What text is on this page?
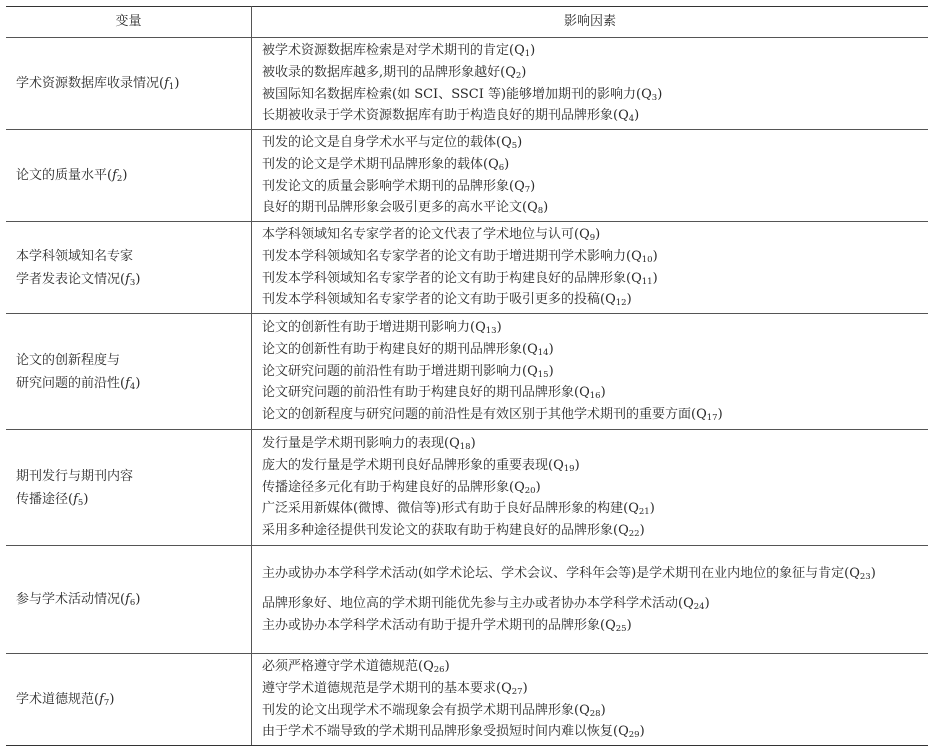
变量	影响因素

学术资源数据库收录情况$(f_1)$	被学术资源数据库检索是对学术期刊的肯定$(Q_1)$
被收录的数据库越多,期刊的品牌形象越好$(Q_2)$
被国际知名数据库检索(如 SCI、SSCI 等)能够增加期刊的影响力$(Q_3)$
长期被收录于学术资源数据库有助于构造良好的期刊品牌形象$(Q_4)$

论文的质量水平$(f_2)$	刊发的论文是自身学术水平与定位的载体$(Q_5)$
刊发的论文是学术期刊品牌形象的载体$(Q_6)$
刊发论文的质量会影响学术期刊的品牌形象$(Q_7)$
良好的期刊品牌形象会吸引更多的高水平论文$(Q_8)$

本学科领域知名专家
学者发表论文情况$(f_3)$	本学科领域知名专家学者的论文代表了学术地位与认可$(Q_9)$
刊发本学科领域知名专家学者的论文有助于增进期刊学术影响力$(Q_{10})$
刊发本学科领域知名专家学者的论文有助于构建良好的品牌形象$(Q_{11})$
刊发本学科领域知名专家学者的论文有助于吸引更多的投稿$(Q_{12})$

论文的创新程度与
研究问题的前沿性$(f_4)$	论文的创新性有助于增进期刊影响力$(Q_{13})$
论文的创新性有助于构建良好的期刊品牌形象$(Q_{14})$
论文研究问题的前沿性有助于增进期刊影响力$(Q_{15})$
论文研究问题的前沿性有助于构建良好的期刊品牌形象$(Q_{16})$
论文的创新程度与研究问题的前沿性是有效区别于其他学术期刊的重要方面$(Q_{17})$

期刊发行与期刊内容
传播途径$(f_5)$	发行量是学术期刊影响力的表现$(Q_{18})$
庞大的发行量是学术期刊良好品牌形象的重要表现$(Q_{19})$
传播途径多元化有助于构建良好的品牌形象$(Q_{20})$
广泛采用新媒体(微博、微信等)形式有助于良好品牌形象的构建$(Q_{21})$
采用多种途径提供刊发论文的获取有助于构建良好的品牌形象$(Q_{22})$

参与学术活动情况$(f_6)$	主办或协办本学科学术活动(如学术论坛、学术会议、学科年会等)是学术期刊在业内地位的象征与肯定$(Q_{23})$
品牌形象好、地位高的学术期刊能优先参与主办或者协办本学科学术活动$(Q_{24})$
主办或协办本学科学术活动有助于提升学术期刊的品牌形象$(Q_{25})$

学术道德规范$(f_7)$	必须严格遵守学术道德规范$(Q_{26})$
遵守学术道德规范是学术期刊的基本要求$(Q_{27})$
刊发的论文出现学术不端现象会有损学术期刊品牌形象$(Q_{28})$
由于学术不端导致的学术期刊品牌形象受损短时间内难以恢复$(Q_{29})$
